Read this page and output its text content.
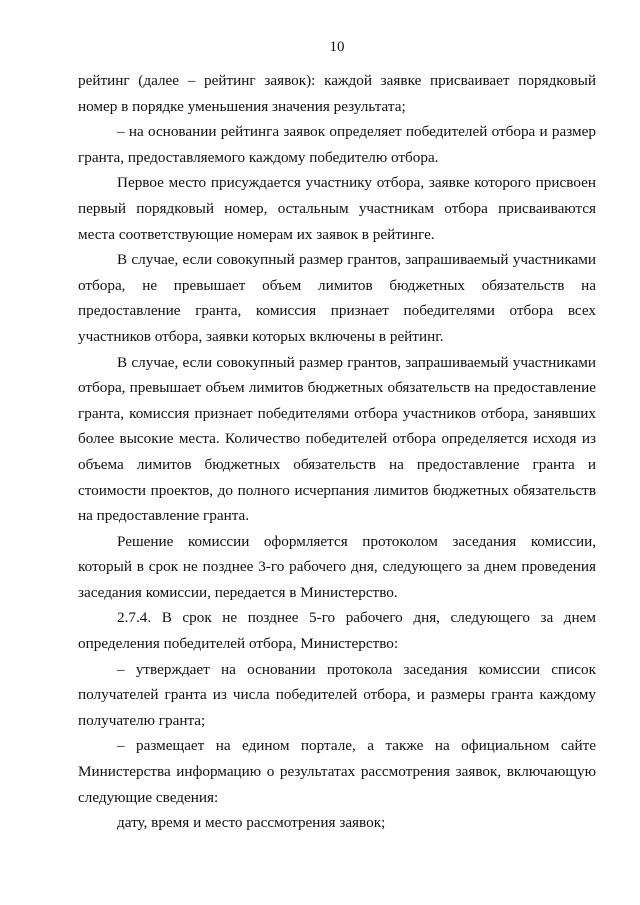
10

рейтинг (далее – рейтинг заявок): каждой заявке присваивает порядковый номер в порядке уменьшения значения результата;

– на основании рейтинга заявок определяет победителей отбора и размер гранта, предоставляемого каждому победителю отбора.

Первое место присуждается участнику отбора, заявке которого присвоен первый порядковый номер, остальным участникам отбора присваиваются места соответствующие номерам их заявок в рейтинге.

В случае, если совокупный размер грантов, запрашиваемый участниками отбора, не превышает объем лимитов бюджетных обязательств на предоставление гранта, комиссия признает победителями отбора всех участников отбора, заявки которых включены в рейтинг.

В случае, если совокупный размер грантов, запрашиваемый участниками отбора, превышает объем лимитов бюджетных обязательств на предоставление гранта, комиссия признает победителями отбора участников отбора, занявших более высокие места. Количество победителей отбора определяется исходя из объема лимитов бюджетных обязательств на предоставление гранта и стоимости проектов, до полного исчерпания лимитов бюджетных обязательств на предоставление гранта.

Решение комиссии оформляется протоколом заседания комиссии, который в срок не позднее 3-го рабочего дня, следующего за днем проведения заседания комиссии, передается в Министерство.

2.7.4. В срок не позднее 5-го рабочего дня, следующего за днем определения победителей отбора, Министерство:

– утверждает на основании протокола заседания комиссии список получателей гранта из числа победителей отбора, и размеры гранта каждому получателю гранта;

– размещает на едином портале, а также на официальном сайте Министерства информацию о результатах рассмотрения заявок, включающую следующие сведения:

дату, время и место рассмотрения заявок;
